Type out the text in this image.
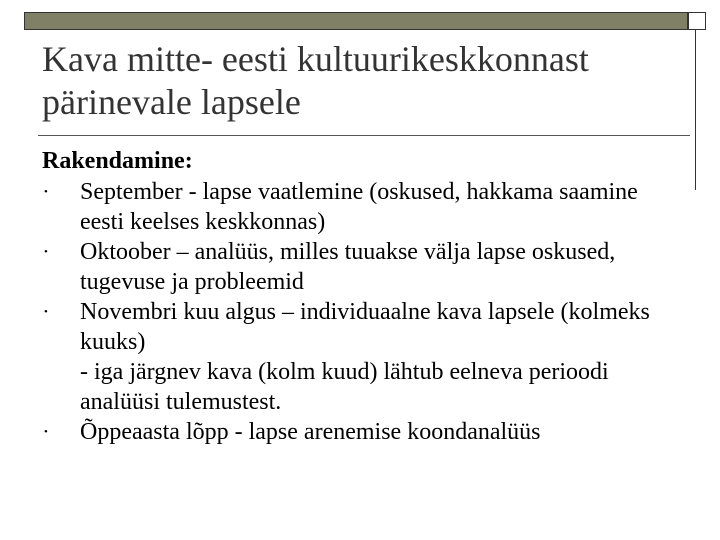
Kava mitte- eesti kultuurikeskkonnast pärinevale lapsele
Rakendamine:
•	September - lapse vaatlemine (oskused, hakkama saamine eesti keelses keskkonnas)
•	Oktoober – analüüs, milles tuuakse välja lapse oskused, tugevuse ja probleemid
•	Novembri kuu algus – individuaalne kava lapsele (kolmeks kuuks)
- iga järgnev kava (kolm kuud) lähtub eelneva perioodi analüüsi tulemustest.
•	Õppeaasta lõpp - lapse arenemise koondanalüüs
